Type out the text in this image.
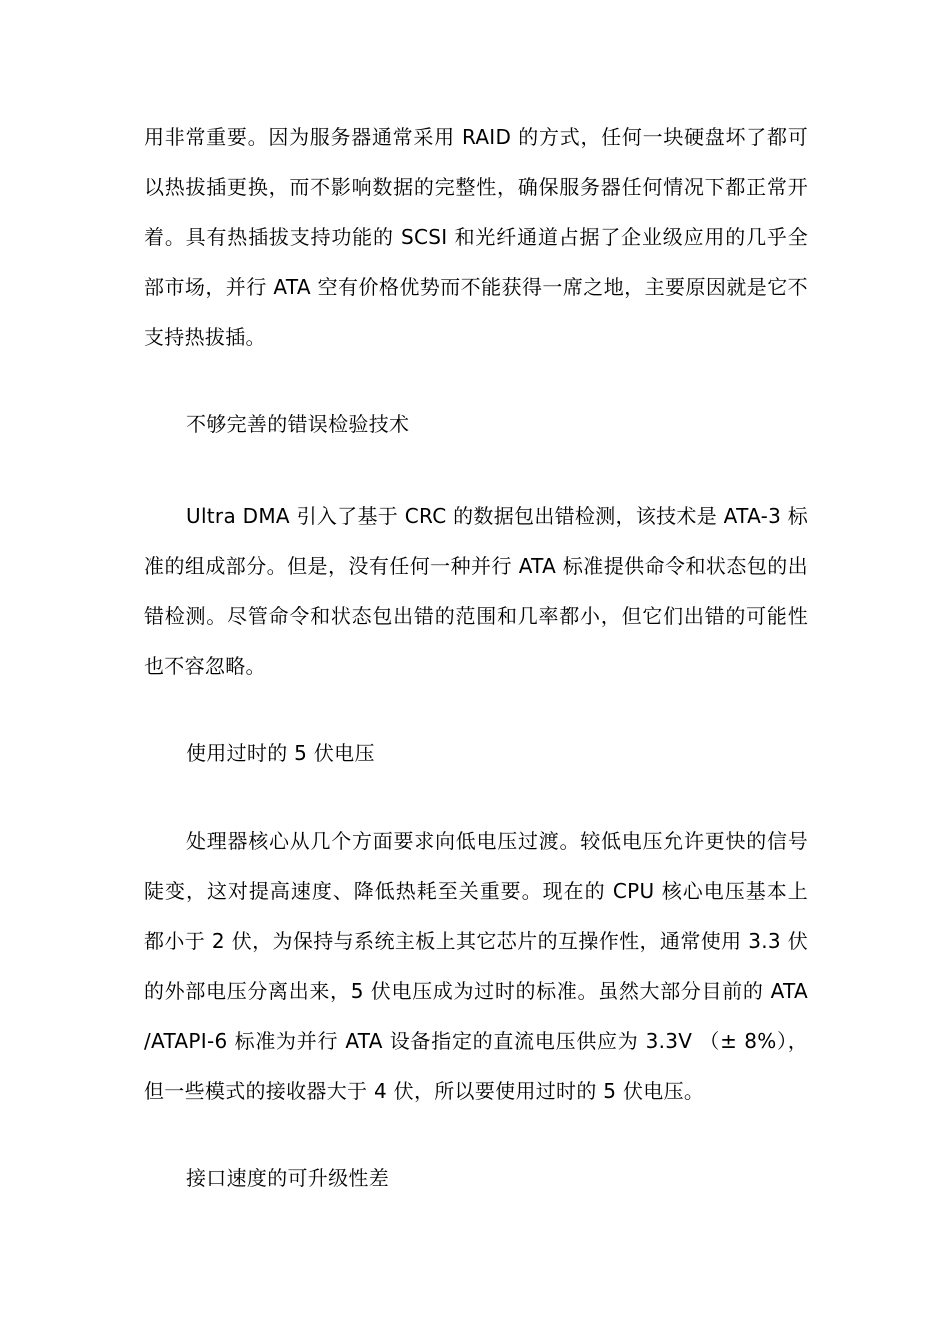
用非常重要。因为服务器通常采用 RAID 的方式，任何一块硬盘坏了都可
以热拔插更换，而不影响数据的完整性，确保服务器任何情况下都正常开
着。具有热插拔支持功能的 SCSI 和光纤通道占据了企业级应用的几乎全
部市场，并行 ATA 空有价格优势而不能获得一席之地，主要原因就是它不
支持热拔插。
不够完善的错误检验技术
Ultra DMA 引入了基于 CRC 的数据包出错检测，该技术是 ATA-3 标
准的组成部分。但是，没有任何一种并行 ATA 标准提供命令和状态包的出
错检测。尽管命令和状态包出错的范围和几率都小，但它们出错的可能性
也不容忽略。
使用过时的 5 伏电压
处理器核心从几个方面要求向低电压过渡。较低电压允许更快的信号
陡变，这对提高速度、降低热耗至关重要。现在的 CPU 核心电压基本上
都小于 2 伏，为保持与系统主板上其它芯片的互操作性，通常使用 3.3 伏
的外部电压分离出来，5 伏电压成为过时的标准。虽然大部分目前的 ATA
/ATAPI-6 标准为并行 ATA 设备指定的直流电压供应为 3.3V （± 8%），
但一些模式的接收器大于 4 伏，所以要使用过时的 5 伏电压。
接口速度的可升级性差
